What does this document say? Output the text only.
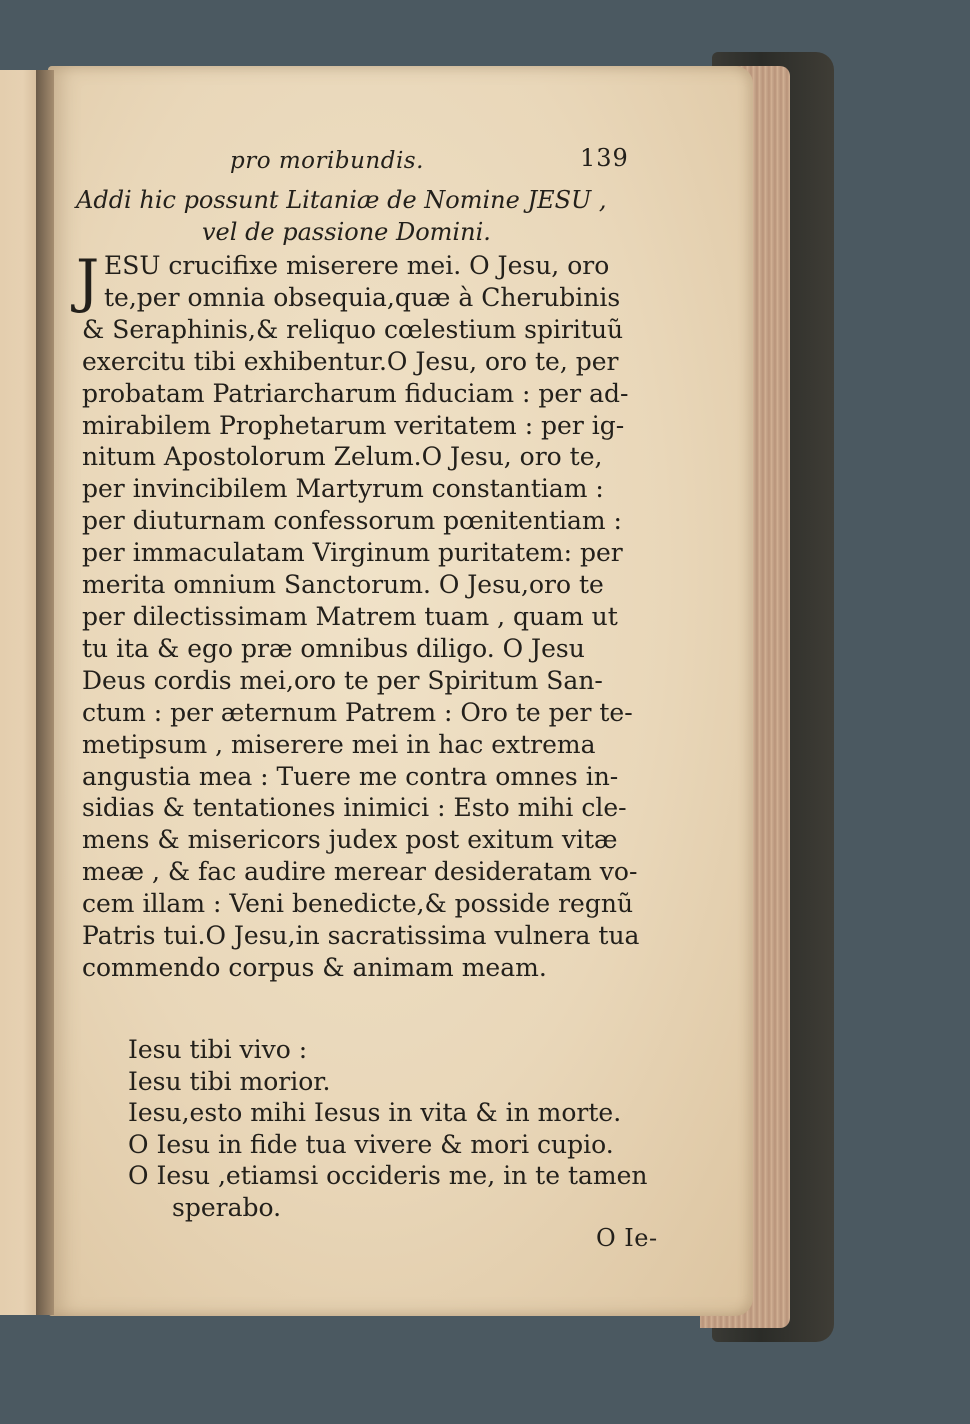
pro moribundis.	139
Addi hic possunt Litaniæ de Nomine JESU ,
vel de passione Domini.
J ESU crucifixe miserere mei. O Jesu, oro
te,per omnia obsequia,quæ à Cherubinis
& Seraphinis,& reliquo cœlestium spirituũ
exercitu tibi exhibentur.O Jesu, oro te, per
probatam Patriarcharum fiduciam : per ad-
mirabilem Prophetarum veritatem : per ig-
nitum Apostolorum Zelum.O Jesu, oro te,
per invincibilem Martyrum constantiam :
per diuturnam confessorum pœnitentiam :
per immaculatam Virginum puritatem: per
merita omnium Sanctorum. O Jesu,oro te
per dilectissimam Matrem tuam , quam ut
tu ita & ego præ omnibus diligo. O Jesu
Deus cordis mei,oro te per Spiritum San-
ctum : per æternum Patrem : Oro te per te-
metipsum , miserere mei in hac extrema
angustia mea : Tuere me contra omnes in-
sidias & tentationes inimici : Esto mihi cle-
mens & misericors judex post exitum vitæ
meæ , & fac audire merear desideratam vo-
cem illam : Veni benedicte,& posside regnũ
Patris tui.O Jesu,in sacratissima vulnera tua
commendo corpus & animam meam.
Iesu tibi vivo :
Iesu tibi morior.
Iesu,esto mihi Iesus in vita & in morte.
O Iesu in fide tua vivere & mori cupio.
O Iesu ,etiamsi occideris me, in te tamen
sperabo.
O Ie-
